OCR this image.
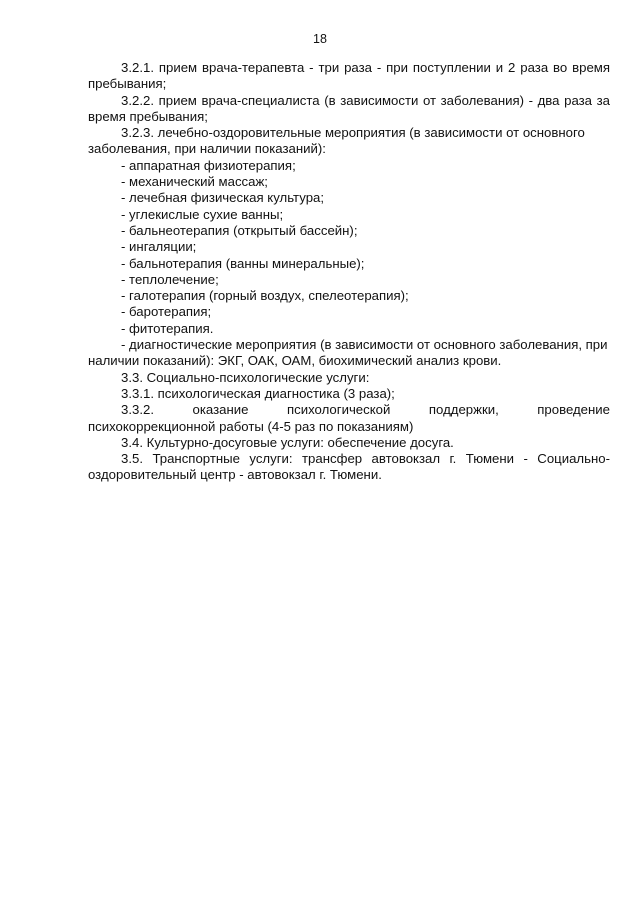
18

3.2.1. прием врача-терапевта - три раза - при поступлении и 2 раза во время пребывания;

3.2.2. прием врача-специалиста (в зависимости от заболевания) - два раза за время пребывания;

3.2.3. лечебно-оздоровительные мероприятия (в зависимости от основного заболевания, при наличии показаний):

- аппаратная физиотерапия;

- механический массаж;

- лечебная физическая культура;

- углекислые сухие ванны;

- бальнеотерапия (открытый бассейн);

- ингаляции;

- бальнотерапия (ванны минеральные);

- теплолечение;

- галотерапия (горный воздух, спелеотерапия);

- баротерапия;

- фитотерапия.

- диагностические мероприятия (в зависимости от основного заболевания, при наличии показаний): ЭКГ, ОАК, ОАМ, биохимический анализ крови.

3.3. Социально-психологические услуги:

3.3.1. психологическая диагностика (3 раза);

3.3.2. оказание психологической поддержки, проведение

психокоррекционной работы (4-5 раз по показаниям)

3.4. Культурно-досуговые услуги: обеспечение досуга.

3.5. Транспортные услуги: трансфер автовокзал г. Тюмени - Социально-оздоровительный центр - автовокзал г. Тюмени.
